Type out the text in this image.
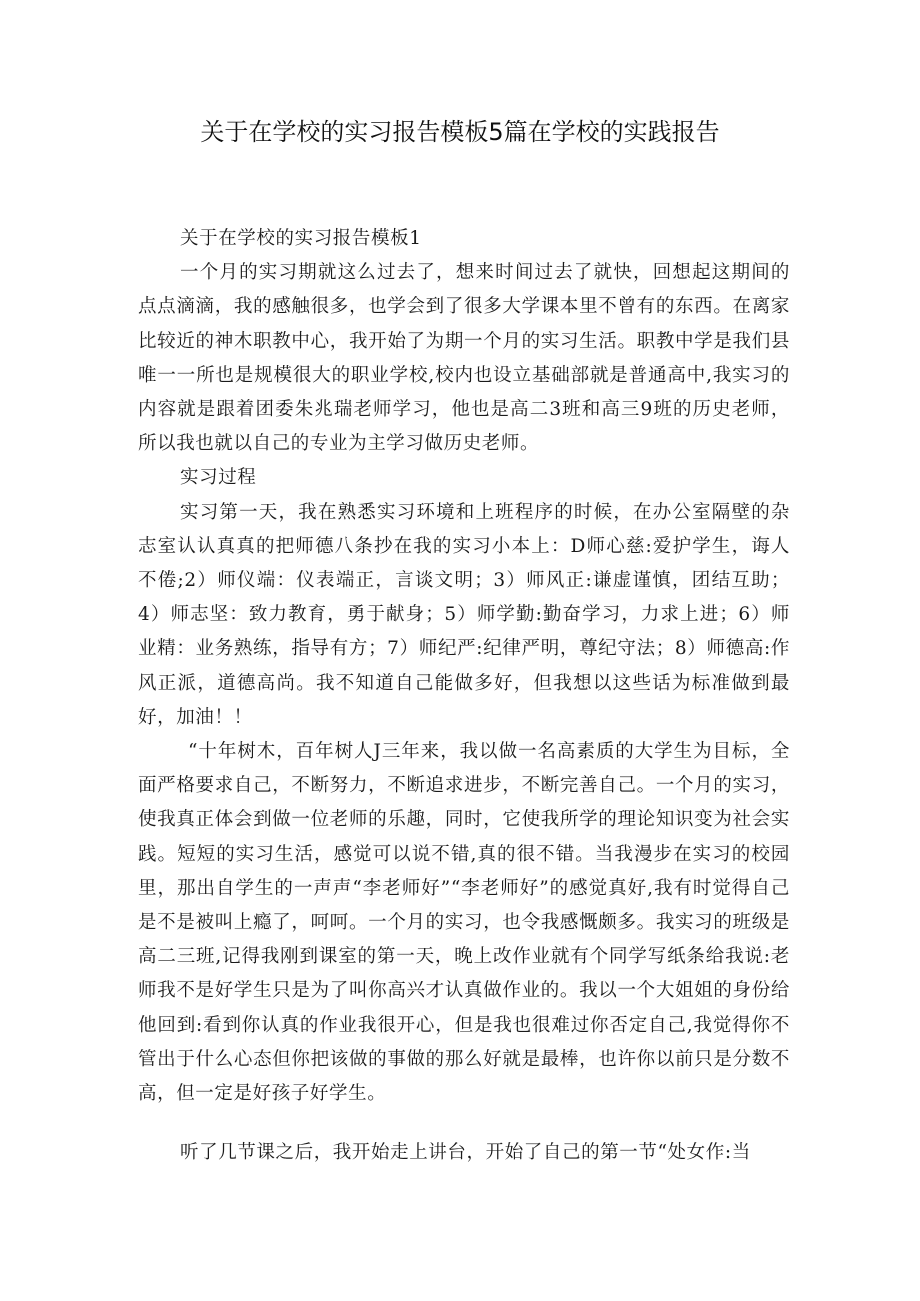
关于在学校的实习报告模板5篇在学校的实践报告

关于在学校的实习报告模板1

一个月的实习期就这么过去了，想来时间过去了就快，回想起这期间的点点滴滴，我的感触很多，也学会到了很多大学课本里不曾有的东西。在离家比较近的神木职教中心，我开始了为期一个月的实习生活。职教中学是我们县唯一一所也是规模很大的职业学校,校内也设立基础部就是普通高中,我实习的内容就是跟着团委朱兆瑞老师学习，他也是高二3班和高三9班的历史老师，所以我也就以自己的专业为主学习做历史老师。

实习过程

实习第一天，我在熟悉实习环境和上班程序的时候，在办公室隔壁的杂志室认认真真的把师德八条抄在我的实习小本上：D师心慈:爱护学生，诲人不倦;2）师仪端：仪表端正，言谈文明；3）师风正:谦虚谨慎，团结互助；4）师志坚：致力教育，勇于献身；5）师学勤:勤奋学习，力求上进；6）师业精：业务熟练，指导有方；7）师纪严:纪律严明，尊纪守法；8）师德高:作风正派，道德高尚。我不知道自己能做多好，但我想以这些话为标准做到最好，加油！！

“十年树木，百年树人J三年来，我以做一名高素质的大学生为目标，全面严格要求自己，不断努力，不断追求进步，不断完善自己。一个月的实习，使我真正体会到做一位老师的乐趣，同时，它使我所学的理论知识变为社会实践。短短的实习生活，感觉可以说不错,真的很不错。当我漫步在实习的校园里，那出自学生的一声声“李老师好”“李老师好”的感觉真好,我有时觉得自己是不是被叫上瘾了，呵呵。一个月的实习，也令我感慨颇多。我实习的班级是高二三班,记得我刚到课室的第一天，晚上改作业就有个同学写纸条给我说:老师我不是好学生只是为了叫你高兴才认真做作业的。我以一个大姐姐的身份给他回到:看到你认真的作业我很开心，但是我也很难过你否定自己,我觉得你不管出于什么心态但你把该做的事做的那么好就是最棒，也许你以前只是分数不高，但一定是好孩子好学生。

听了几节课之后，我开始走上讲台，开始了自己的第一节“处女作:当
